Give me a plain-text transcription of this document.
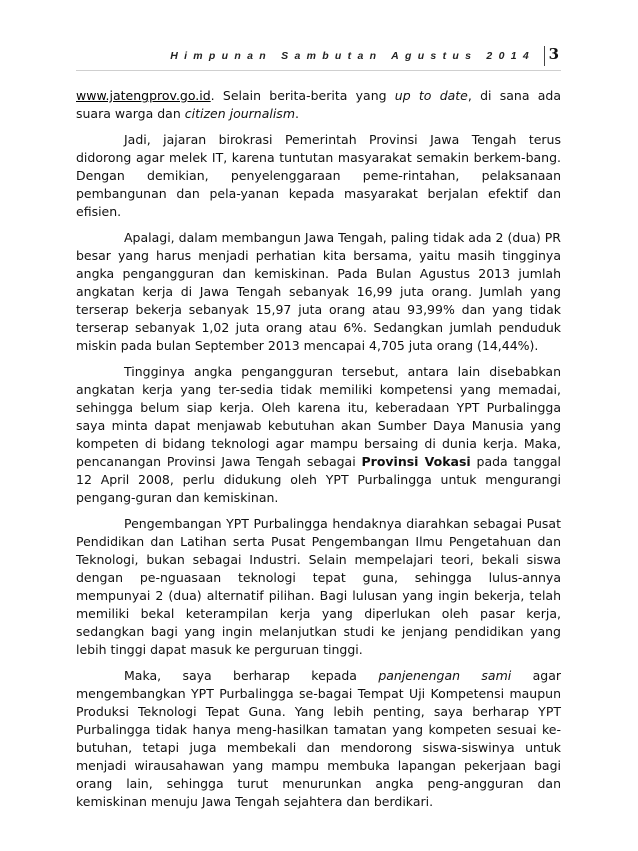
Himpunan Sambutan Agustus 2014 3

www.jatengprov.go.id. Selain berita-berita yang up to date, di sana ada suara warga dan citizen journalism.

Jadi, jajaran birokrasi Pemerintah Provinsi Jawa Tengah terus didorong agar melek IT, karena tuntutan masyarakat semakin berkem-bang. Dengan demikian, penyelenggaraan peme-rintahan, pelaksanaan pembangunan dan pela-yanan kepada masyarakat berjalan efektif dan efisien.

Apalagi, dalam membangun Jawa Tengah, paling tidak ada 2 (dua) PR besar yang harus menjadi perhatian kita bersama, yaitu masih tingginya angka pengangguran dan kemiskinan. Pada Bulan Agustus 2013 jumlah angkatan kerja di Jawa Tengah sebanyak 16,99 juta orang. Jumlah yang terserap bekerja sebanyak 15,97 juta orang atau 93,99% dan yang tidak terserap sebanyak 1,02 juta orang atau 6%. Sedangkan jumlah penduduk miskin pada bulan September 2013 mencapai 4,705 juta orang (14,44%).

Tingginya angka pengangguran tersebut, antara lain disebabkan angkatan kerja yang ter-sedia tidak memiliki kompetensi yang memadai, sehingga belum siap kerja. Oleh karena itu, keberadaan YPT Purbalingga saya minta dapat menjawab kebutuhan akan Sumber Daya Manusia yang kompeten di bidang teknologi agar mampu bersaing di dunia kerja. Maka, pencanangan Provinsi Jawa Tengah sebagai Provinsi Vokasi pada tanggal 12 April 2008, perlu didukung oleh YPT Purbalingga untuk mengurangi pengang-guran dan kemiskinan.

Pengembangan YPT Purbalingga hendaknya diarahkan sebagai Pusat Pendidikan dan Latihan serta Pusat Pengembangan Ilmu Pengetahuan dan Teknologi, bukan sebagai Industri. Selain mempelajari teori, bekali siswa dengan pe-nguasaan teknologi tepat guna, sehingga lulus-annya mempunyai 2 (dua) alternatif pilihan. Bagi lulusan yang ingin bekerja, telah memiliki bekal keterampilan kerja yang diperlukan oleh pasar kerja, sedangkan bagi yang ingin melanjutkan studi ke jenjang pendidikan yang lebih tinggi dapat masuk ke perguruan tinggi.

Maka, saya berharap kepada panjenengan sami agar mengembangkan YPT Purbalingga se-bagai Tempat Uji Kompetensi maupun Produksi Teknologi Tepat Guna. Yang lebih penting, saya berharap YPT Purbalingga tidak hanya meng-hasilkan tamatan yang kompeten sesuai ke-butuhan, tetapi juga membekali dan mendorong siswa-siswinya untuk menjadi wirausahawan yang mampu membuka lapangan pekerjaan bagi orang lain, sehingga turut menurunkan angka peng-angguran dan kemiskinan menuju Jawa Tengah sejahtera dan berdikari.
